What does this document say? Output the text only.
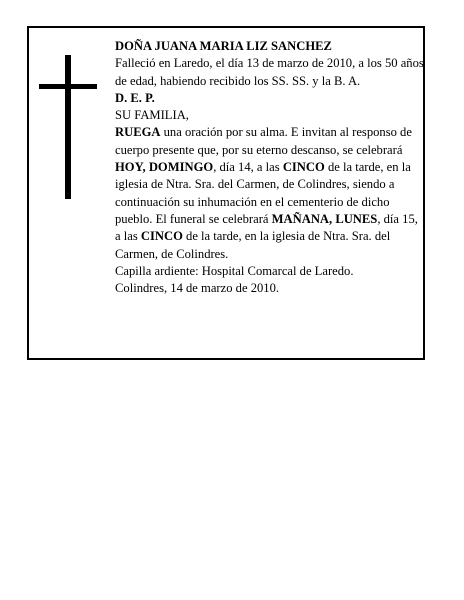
DOÑA JUANA MARIA LIZ SANCHEZ

Falleció en Laredo, el día 13 de marzo de 2010, a los 50 años

de edad, habiendo recibido los SS. SS. y la B. A.

D. E. P.

SU FAMILIA,

RUEGA una oración por su alma. E invitan al responso de cuerpo presente que, por su eterno descanso, se celebrará HOY, DOMINGO, día 14, a las CINCO de la tarde, en la iglesia de Ntra. Sra. del Carmen, de Colindres, siendo a continuación su inhumación en el cementerio de dicho pueblo. El funeral se celebrará MAÑANA, LUNES, día 15, a las CINCO de la tarde, en la iglesia de Ntra. Sra. del Carmen, de Colindres.

Capilla ardiente: Hospital Comarcal de Laredo.

Colindres, 14 de marzo de 2010.
